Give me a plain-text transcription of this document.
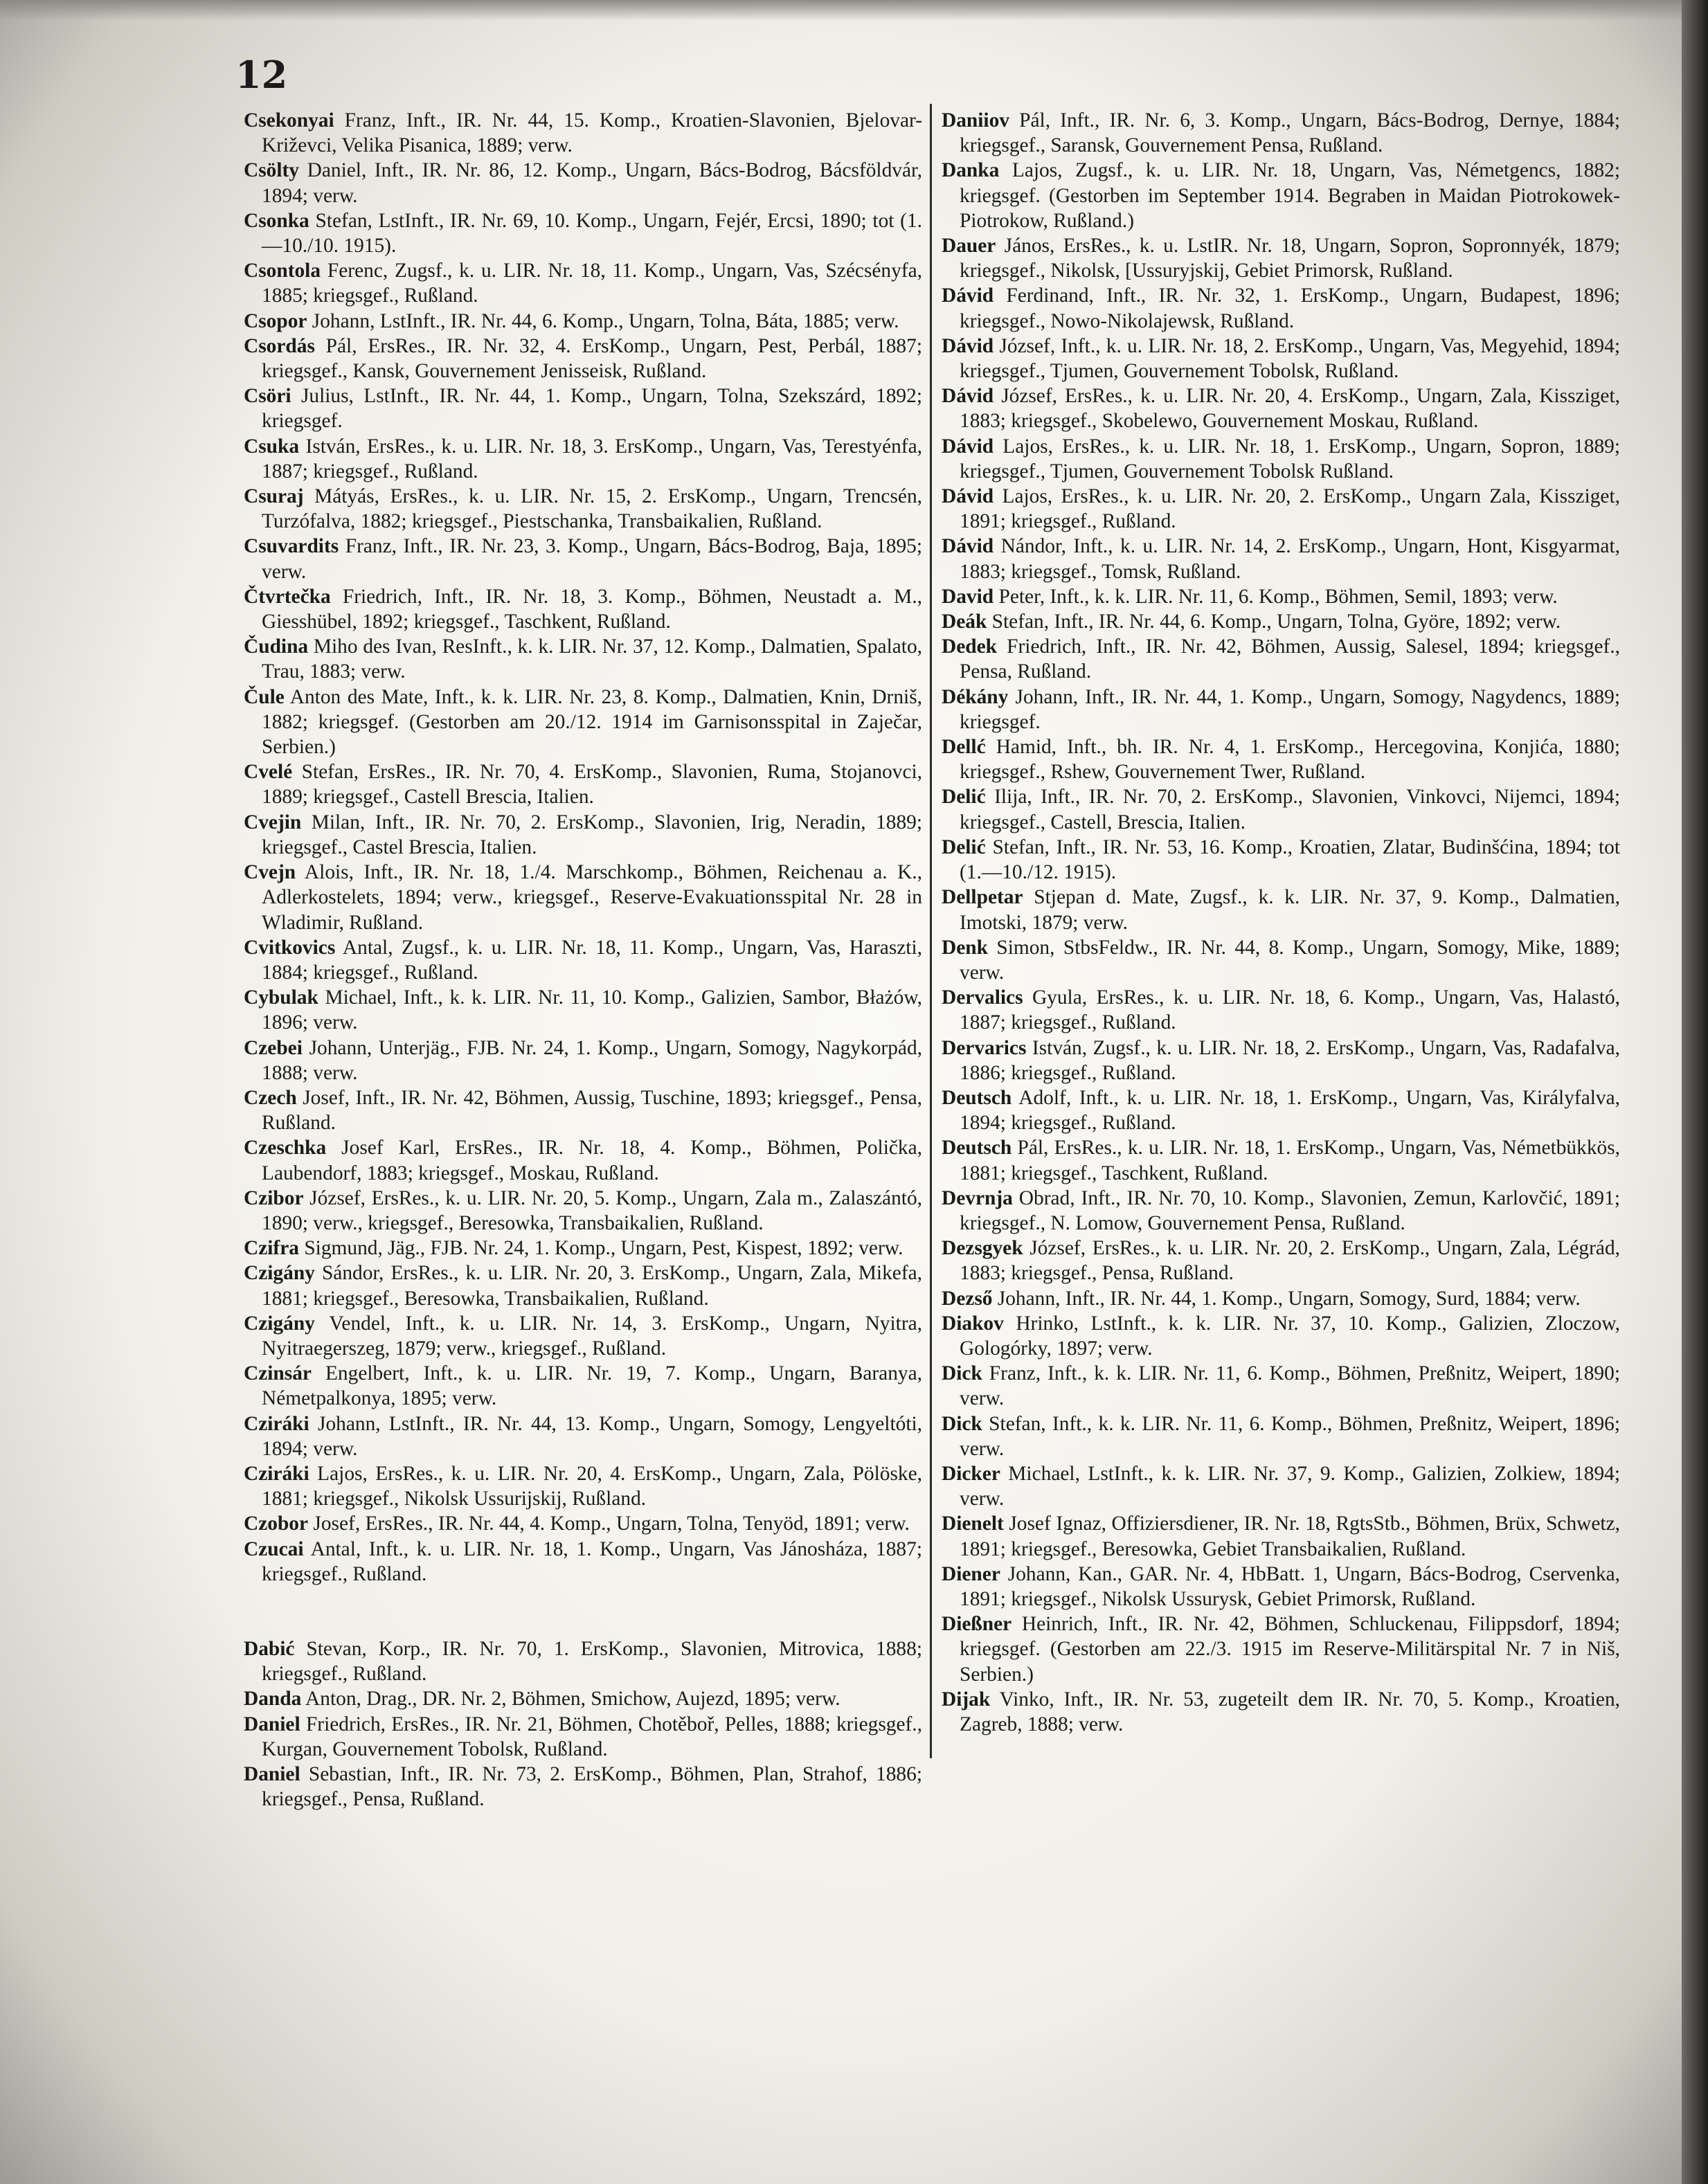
12

Csekonyai Franz, Inft., IR. Nr. 44, 15. Komp., Kroatien-Slavonien, Bjelovar-Križevci, Velika Pisanica, 1889; verw.

Csölty Daniel, Inft., IR. Nr. 86, 12. Komp., Ungarn, Bács-Bodrog, Bácsföldvár, 1894; verw.

Csonka Stefan, LstInft., IR. Nr. 69, 10. Komp., Ungarn, Fejér, Ercsi, 1890; tot (1.—10./10. 1915).

Csontola Ferenc, Zugsf., k. u. LIR. Nr. 18, 11. Komp., Ungarn, Vas, Szécsényfa, 1885; kriegsgef., Rußland.

Csopor Johann, LstInft., IR. Nr. 44, 6. Komp., Ungarn, Tolna, Báta, 1885; verw.

Csordás Pál, ErsRes., IR. Nr. 32, 4. ErsKomp., Ungarn, Pest, Perbál, 1887; kriegsgef., Kansk, Gouvernement Jenisseisk, Rußland.

Csöri Julius, LstInft., IR. Nr. 44, 1. Komp., Ungarn, Tolna, Szekszárd, 1892; kriegsgef.

Csuka István, ErsRes., k. u. LIR. Nr. 18, 3. ErsKomp., Ungarn, Vas, Terestyénfa, 1887; kriegsgef., Rußland.

Csuraj Mátyás, ErsRes., k. u. LIR. Nr. 15, 2. ErsKomp., Ungarn, Trencsén, Turzófalva, 1882; kriegsgef., Piestschanka, Transbaikalien, Rußland.

Csuvardits Franz, Inft., IR. Nr. 23, 3. Komp., Ungarn, Bács-Bodrog, Baja, 1895; verw.

Čtvrtečka Friedrich, Inft., IR. Nr. 18, 3. Komp., Böhmen, Neustadt a. M., Giesshübel, 1892; kriegsgef., Taschkent, Rußland.

Čudina Miho des Ivan, ResInft., k. k. LIR. Nr. 37, 12. Komp., Dalmatien, Spalato, Trau, 1883; verw.

Čule Anton des Mate, Inft., k. k. LIR. Nr. 23, 8. Komp., Dalmatien, Knin, Drniš, 1882; kriegsgef. (Gestorben am 20./12. 1914 im Garnisonsspital in Zaječar, Serbien.)

Cvelé Stefan, ErsRes., IR. Nr. 70, 4. ErsKomp., Slavonien, Ruma, Stojanovci, 1889; kriegsgef., Castell Brescia, Italien.

Cvejin Milan, Inft., IR. Nr. 70, 2. ErsKomp., Slavonien, Irig, Neradin, 1889; kriegsgef., Castel Brescia, Italien.

Cvejn Alois, Inft., IR. Nr. 18, 1./4. Marschkomp., Böhmen, Reichenau a. K., Adlerkostelets, 1894; verw., kriegsgef., Reserve-Evakuationsspital Nr. 28 in Wladimir, Rußland.

Cvitkovics Antal, Zugsf., k. u. LIR. Nr. 18, 11. Komp., Ungarn, Vas, Haraszti, 1884; kriegsgef., Rußland.

Cybulak Michael, Inft., k. k. LIR. Nr. 11, 10. Komp., Galizien, Sambor, Błażów, 1896; verw.

Czebei Johann, Unterjäg., FJB. Nr. 24, 1. Komp., Ungarn, Somogy, Nagykorpád, 1888; verw.

Czech Josef, Inft., IR. Nr. 42, Böhmen, Aussig, Tuschine, 1893; kriegsgef., Pensa, Rußland.

Czeschka Josef Karl, ErsRes., IR. Nr. 18, 4. Komp., Böhmen, Polička, Laubendorf, 1883; kriegsgef., Moskau, Rußland.

Czibor József, ErsRes., k. u. LIR. Nr. 20, 5. Komp., Ungarn, Zala m., Zalaszántó, 1890; verw., kriegsgef., Beresowka, Transbaikalien, Rußland.

Czifra Sigmund, Jäg., FJB. Nr. 24, 1. Komp., Ungarn, Pest, Kispest, 1892; verw.

Czigány Sándor, ErsRes., k. u. LIR. Nr. 20, 3. ErsKomp., Ungarn, Zala, Mikefa, 1881; kriegsgef., Beresowka, Transbaikalien, Rußland.

Czigány Vendel, Inft., k. u. LIR. Nr. 14, 3. ErsKomp., Ungarn, Nyitra, Nyitraegerszeg, 1879; verw., kriegsgef., Rußland.

Czinsár Engelbert, Inft., k. u. LIR. Nr. 19, 7. Komp., Ungarn, Baranya, Németpalkonya, 1895; verw.

Cziráki Johann, LstInft., IR. Nr. 44, 13. Komp., Ungarn, Somogy, Lengyeltóti, 1894; verw.

Cziráki Lajos, ErsRes., k. u. LIR. Nr. 20, 4. ErsKomp., Ungarn, Zala, Pölöske, 1881; kriegsgef., Nikolsk Ussurijskij, Rußland.

Czobor Josef, ErsRes., IR. Nr. 44, 4. Komp., Ungarn, Tolna, Tenyöd, 1891; verw.

Czucai Antal, Inft., k. u. LIR. Nr. 18, 1. Komp., Ungarn, Vas Jánosháza, 1887; kriegsgef., Rußland.

Dabić Stevan, Korp., IR. Nr. 70, 1. ErsKomp., Slavonien, Mitrovica, 1888; kriegsgef., Rußland.

Danda Anton, Drag., DR. Nr. 2, Böhmen, Smichow, Aujezd, 1895; verw.

Daniel Friedrich, ErsRes., IR. Nr. 21, Böhmen, Chotěboř, Pelles, 1888; kriegsgef., Kurgan, Gouvernement Tobolsk, Rußland.

Daniel Sebastian, Inft., IR. Nr. 73, 2. ErsKomp., Böhmen, Plan, Strahof, 1886; kriegsgef., Pensa, Rußland.

Daniiov Pál, Inft., IR. Nr. 6, 3. Komp., Ungarn, Bács-Bodrog, Dernye, 1884; kriegsgef., Saransk, Gouvernement Pensa, Rußland.

Danka Lajos, Zugsf., k. u. LIR. Nr. 18, Ungarn, Vas, Németgencs, 1882; kriegsgef. (Gestorben im September 1914. Begraben in Maidan Piotrokowek-Piotrokow, Rußland.)

Dauer János, ErsRes., k. u. LstIR. Nr. 18, Ungarn, Sopron, Sopronnyék, 1879; kriegsgef., Nikolsk, [Ussuryjskij, Gebiet Primorsk, Rußland.

Dávid Ferdinand, Inft., IR. Nr. 32, 1. ErsKomp., Ungarn, Budapest, 1896; kriegsgef., Nowo-Nikolajewsk, Rußland.

Dávid József, Inft., k. u. LIR. Nr. 18, 2. ErsKomp., Ungarn, Vas, Megyehid, 1894; kriegsgef., Tjumen, Gouvernement Tobolsk, Rußland.

Dávid József, ErsRes., k. u. LIR. Nr. 20, 4. ErsKomp., Ungarn, Zala, Kissziget, 1883; kriegsgef., Skobelewo, Gouvernement Moskau, Rußland.

Dávid Lajos, ErsRes., k. u. LIR. Nr. 18, 1. ErsKomp., Ungarn, Sopron, 1889; kriegsgef., Tjumen, Gouvernement Tobolsk Rußland.

Dávid Lajos, ErsRes., k. u. LIR. Nr. 20, 2. ErsKomp., Ungarn Zala, Kissziget, 1891; kriegsgef., Rußland.

Dávid Nándor, Inft., k. u. LIR. Nr. 14, 2. ErsKomp., Ungarn, Hont, Kisgyarmat, 1883; kriegsgef., Tomsk, Rußland.

David Peter, Inft., k. k. LIR. Nr. 11, 6. Komp., Böhmen, Semil, 1893; verw.

Deák Stefan, Inft., IR. Nr. 44, 6. Komp., Ungarn, Tolna, Györe, 1892; verw.

Dedek Friedrich, Inft., IR. Nr. 42, Böhmen, Aussig, Salesel, 1894; kriegsgef., Pensa, Rußland.

Dékány Johann, Inft., IR. Nr. 44, 1. Komp., Ungarn, Somogy, Nagydencs, 1889; kriegsgef.

Dellć Hamid, Inft., bh. IR. Nr. 4, 1. ErsKomp., Hercegovina, Konjića, 1880; kriegsgef., Rshew, Gouvernement Twer, Rußland.

Delić Ilija, Inft., IR. Nr. 70, 2. ErsKomp., Slavonien, Vinkovci, Nijemci, 1894; kriegsgef., Castell, Brescia, Italien.

Delić Stefan, Inft., IR. Nr. 53, 16. Komp., Kroatien, Zlatar, Budinšćina, 1894; tot (1.—10./12. 1915).

Dellpetar Stjepan d. Mate, Zugsf., k. k. LIR. Nr. 37, 9. Komp., Dalmatien, Imotski, 1879; verw.

Denk Simon, StbsFeldw., IR. Nr. 44, 8. Komp., Ungarn, Somogy, Mike, 1889; verw.

Dervalics Gyula, ErsRes., k. u. LIR. Nr. 18, 6. Komp., Ungarn, Vas, Halastó, 1887; kriegsgef., Rußland.

Dervarics István, Zugsf., k. u. LIR. Nr. 18, 2. ErsKomp., Ungarn, Vas, Radafalva, 1886; kriegsgef., Rußland.

Deutsch Adolf, Inft., k. u. LIR. Nr. 18, 1. ErsKomp., Ungarn, Vas, Királyfalva, 1894; kriegsgef., Rußland.

Deutsch Pál, ErsRes., k. u. LIR. Nr. 18, 1. ErsKomp., Ungarn, Vas, Németbükkös, 1881; kriegsgef., Taschkent, Rußland.

Devrnja Obrad, Inft., IR. Nr. 70, 10. Komp., Slavonien, Zemun, Karlovčić, 1891; kriegsgef., N. Lomow, Gouvernement Pensa, Rußland.

Dezsgyek József, ErsRes., k. u. LIR. Nr. 20, 2. ErsKomp., Ungarn, Zala, Légrád, 1883; kriegsgef., Pensa, Rußland.

Dezső Johann, Inft., IR. Nr. 44, 1. Komp., Ungarn, Somogy, Surd, 1884; verw.

Diakov Hrinko, LstInft., k. k. LIR. Nr. 37, 10. Komp., Galizien, Zloczow, Gologórky, 1897; verw.

Dick Franz, Inft., k. k. LIR. Nr. 11, 6. Komp., Böhmen, Preßnitz, Weipert, 1890; verw.

Dick Stefan, Inft., k. k. LIR. Nr. 11, 6. Komp., Böhmen, Preßnitz, Weipert, 1896; verw.

Dicker Michael, LstInft., k. k. LIR. Nr. 37, 9. Komp., Galizien, Zolkiew, 1894; verw.

Dienelt Josef Ignaz, Offiziersdiener, IR. Nr. 18, RgtsStb., Böhmen, Brüx, Schwetz, 1891; kriegsgef., Beresowka, Gebiet Transbaikalien, Rußland.

Diener Johann, Kan., GAR. Nr. 4, HbBatt. 1, Ungarn, Bács-Bodrog, Cservenka, 1891; kriegsgef., Nikolsk Ussurysk, Gebiet Primorsk, Rußland.

Dießner Heinrich, Inft., IR. Nr. 42, Böhmen, Schluckenau, Filippsdorf, 1894; kriegsgef. (Gestorben am 22./3. 1915 im Reserve-Militärspital Nr. 7 in Niš, Serbien.)

Dijak Vinko, Inft., IR. Nr. 53, zugeteilt dem IR. Nr. 70, 5. Komp., Kroatien, Zagreb, 1888; verw.
